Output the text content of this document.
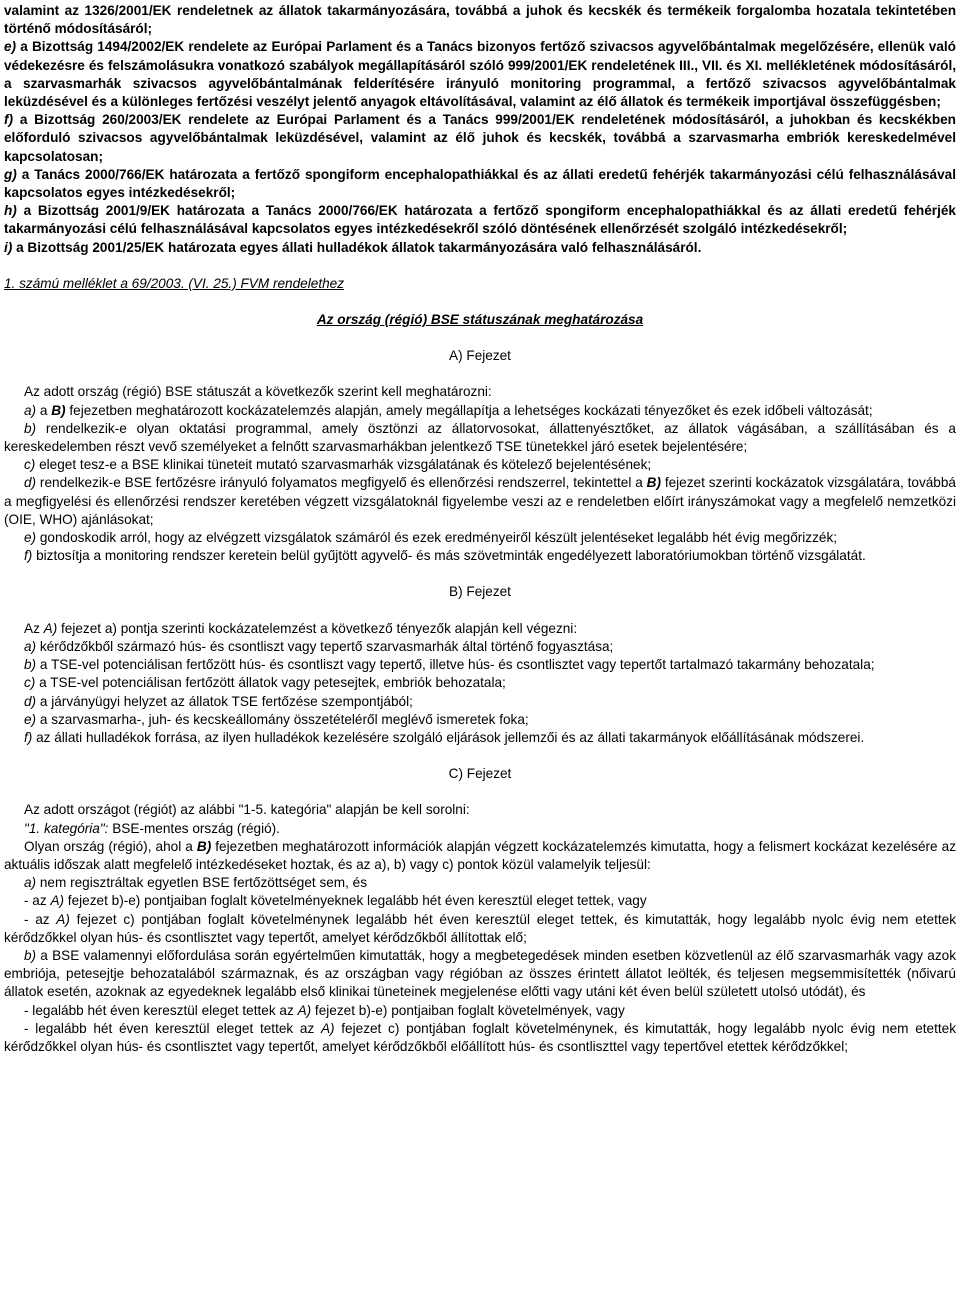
valamint az 1326/2001/EK rendeletnek az állatok takarmányozására, továbbá a juhok és kecskék és termékeik forgalomba hozatala tekintetében történő módosításáról;

e) a Bizottság 1494/2002/EK rendelete az Európai Parlament és a Tanács bizonyos fertőző szivacsos agyvelőbántalmak megelőzésére, ellenük való védekezésre és felszámolásukra vonatkozó szabályok megállapításáról szóló 999/2001/EK rendeletének III., VII. és XI. mellékletének módosításáról, a szarvasmarhák szivacsos agyvelőbántalmának felderítésére irányuló monitoring programmal, a fertőző szivacsos agyvelőbántalmak leküzdésével és a különleges fertőzési veszélyt jelentő anyagok eltávolításával, valamint az élő állatok és termékeik importjával összefüggésben;

f) a Bizottság 260/2003/EK rendelete az Európai Parlament és a Tanács 999/2001/EK rendeletének módosításáról, a juhokban és kecskékben előforduló szivacsos agyvelőbántalmak leküzdésével, valamint az élő juhok és kecskék, továbbá a szarvasmarha embriók kereskedelmével kapcsolatosan;

g) a Tanács 2000/766/EK határozata a fertőző spongiform encephalopathiákkal és az állati eredetű fehérjék takarmányozási célú felhasználásával kapcsolatos egyes intézkedésekről;

h) a Bizottság 2001/9/EK határozata a Tanács 2000/766/EK határozata a fertőző spongiform encephalopathiákkal és az állati eredetű fehérjék takarmányozási célú felhasználásával kapcsolatos egyes intézkedésekről szóló döntésének ellenőrzését szolgáló intézkedésekről;

i) a Bizottság 2001/25/EK határozata egyes állati hulladékok állatok takarmányozására való felhasználásáról.

1. számú melléklet a 69/2003. (VI. 25.) FVM rendelethez

Az ország (régió) BSE státuszának meghatározása

A) Fejezet

Az adott ország (régió) BSE státuszát a következők szerint kell meghatározni:

a) a B) fejezetben meghatározott kockázatelemzés alapján, amely megállapítja a lehetséges kockázati tényezőket és ezek időbeli változását;

b) rendelkezik-e olyan oktatási programmal, amely ösztönzi az állatorvosokat, állattenyésztőket, az állatok vágásában, a szállításában és a kereskedelemben részt vevő személyeket a felnőtt szarvasmarhákban jelentkező TSE tünetekkel járó esetek bejelentésére;

c) eleget tesz-e a BSE klinikai tüneteit mutató szarvasmarhák vizsgálatának és kötelező bejelentésének;

d) rendelkezik-e BSE fertőzésre irányuló folyamatos megfigyelő és ellenőrzési rendszerrel, tekintettel a B) fejezet szerinti kockázatok vizsgálatára, továbbá a megfigyelési és ellenőrzési rendszer keretében végzett vizsgálatoknál figyelembe veszi az e rendeletben előírt irányszámokat vagy a megfelelő nemzetközi (OIE, WHO) ajánlásokat;

e) gondoskodik arról, hogy az elvégzett vizsgálatok számáról és ezek eredményeiről készült jelentéseket legalább hét évig megőrizzék;

f) biztosítja a monitoring rendszer keretein belül gyűjtött agyvelő- és más szövetminták engedélyezett laboratóriumokban történő vizsgálatát.

B) Fejezet

Az A) fejezet a) pontja szerinti kockázatelemzést a következő tényezők alapján kell végezni:

a) kérődzőkből származó hús- és csontliszt vagy tepertő szarvasmarhák által történő fogyasztása;

b) a TSE-vel potenciálisan fertőzött hús- és csontliszt vagy tepertő, illetve hús- és csontlisztet vagy tepertőt tartalmazó takarmány behozatala;

c) a TSE-vel potenciálisan fertőzött állatok vagy petesejtek, embriók behozatala;

d) a járványügyi helyzet az állatok TSE fertőzése szempontjából;

e) a szarvasmarha-, juh- és kecskeállomány összetételéről meglévő ismeretek foka;

f) az állati hulladékok forrása, az ilyen hulladékok kezelésére szolgáló eljárások jellemzői és az állati takarmányok előállításának módszerei.

C) Fejezet

Az adott országot (régiót) az alábbi "1-5. kategória" alapján be kell sorolni:

"1. kategória": BSE-mentes ország (régió).

Olyan ország (régió), ahol a B) fejezetben meghatározott információk alapján végzett kockázatelemzés kimutatta, hogy a felismert kockázat kezelésére az aktuális időszak alatt megfelelő intézkedéseket hoztak, és az a), b) vagy c) pontok közül valamelyik teljesül:

a) nem regisztráltak egyetlen BSE fertőzöttséget sem, és

- az A) fejezet b)-e) pontjaiban foglalt követelményeknek legalább hét éven keresztül eleget tettek, vagy

- az A) fejezet c) pontjában foglalt követelménynek legalább hét éven keresztül eleget tettek, és kimutatták, hogy legalább nyolc évig nem etettek kérődzőkkel olyan hús- és csontlisztet vagy tepertőt, amelyet kérődzőkből állítottak elő;

b) a BSE valamennyi előfordulása során egyértelműen kimutatták, hogy a megbetegedések minden esetben közvetlenül az élő szarvasmarhák vagy azok embriója, petesejtje behozatalából származnak, és az országban vagy régióban az összes érintett állatot leölték, és teljesen megsemmisítették (nőivarú állatok esetén, azoknak az egyedeknek legalább első klinikai tüneteinek megjelenése előtti vagy utáni két éven belül született utolsó utódát), és

- legalább hét éven keresztül eleget tettek az A) fejezet b)-e) pontjaiban foglalt követelmények, vagy

- legalább hét éven keresztül eleget tettek az A) fejezet c) pontjában foglalt követelménynek, és kimutatták, hogy legalább nyolc évig nem etettek kérődzőkkel olyan hús- és csontlisztet vagy tepertőt, amelyet kérődzőkből előállított hús- és csontliszttel vagy tepertővel etettek kérődzőkkel;
